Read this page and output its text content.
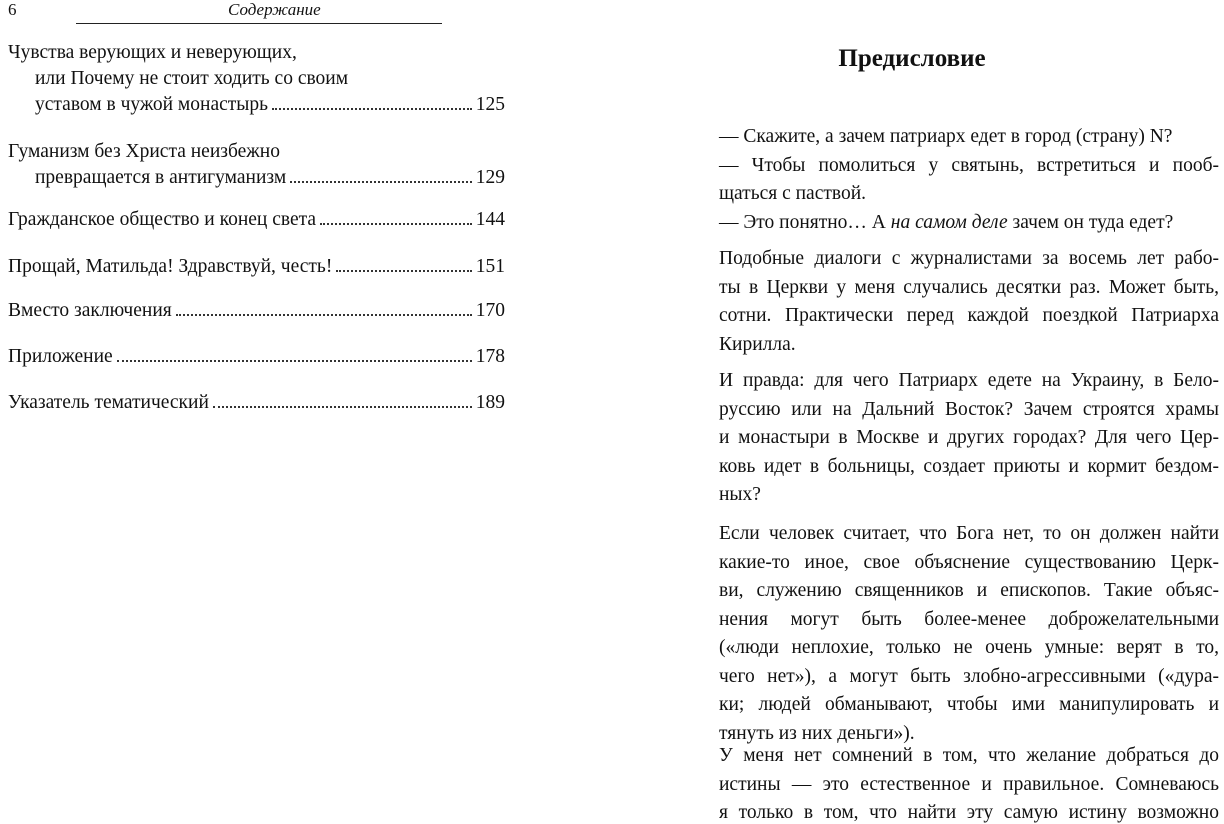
6	Содержание
Чувства верующих и неверующих,
или Почему не стоит ходить со своим
уставом в чужой монастырь	125
Гуманизм без Христа неизбежно
превращается в антигуманизм	129
Гражданское общество и конец света	144
Прощай, Матильда! Здравствуй, честь!	151
Вместо заключения	170
Приложение	178
Указатель тематический	189
Предисловие
— Скажите, а зачем патриарх едет в город (страну) N?
— Чтобы помолиться у святынь, встретиться и пооб-
щаться с паствой.
— Это понятно… А на самом деле зачем он туда едет?
Подобные диалоги с журналистами за восемь лет рабо-
ты в Церкви у меня случались десятки раз. Может быть,
сотни. Практически перед каждой поездкой Патриарха
Кирилла.
И правда: для чего Патриарх едете на Украину, в Бело-
руссию или на Дальний Восток? Зачем строятся храмы
и монастыри в Москве и других городах? Для чего Цер-
ковь идет в больницы, создает приюты и кормит бездом-
ных?
Если человек считает, что Бога нет, то он должен найти
какие-то иное, свое объяснение существованию Церк-
ви, служению священников и епископов. Такие объяс-
нения могут быть более-менее доброжелательными
(«люди неплохие, только не очень умные: верят в то,
чего нет»), а могут быть злобно-агрессивными («дура-
ки; людей обманывают, чтобы ими манипулировать и
тянуть из них деньги»).
У меня нет сомнений в том, что желание добраться до
истины — это естественное и правильное. Сомневаюсь
я только в том, что найти эту самую истину возможно
